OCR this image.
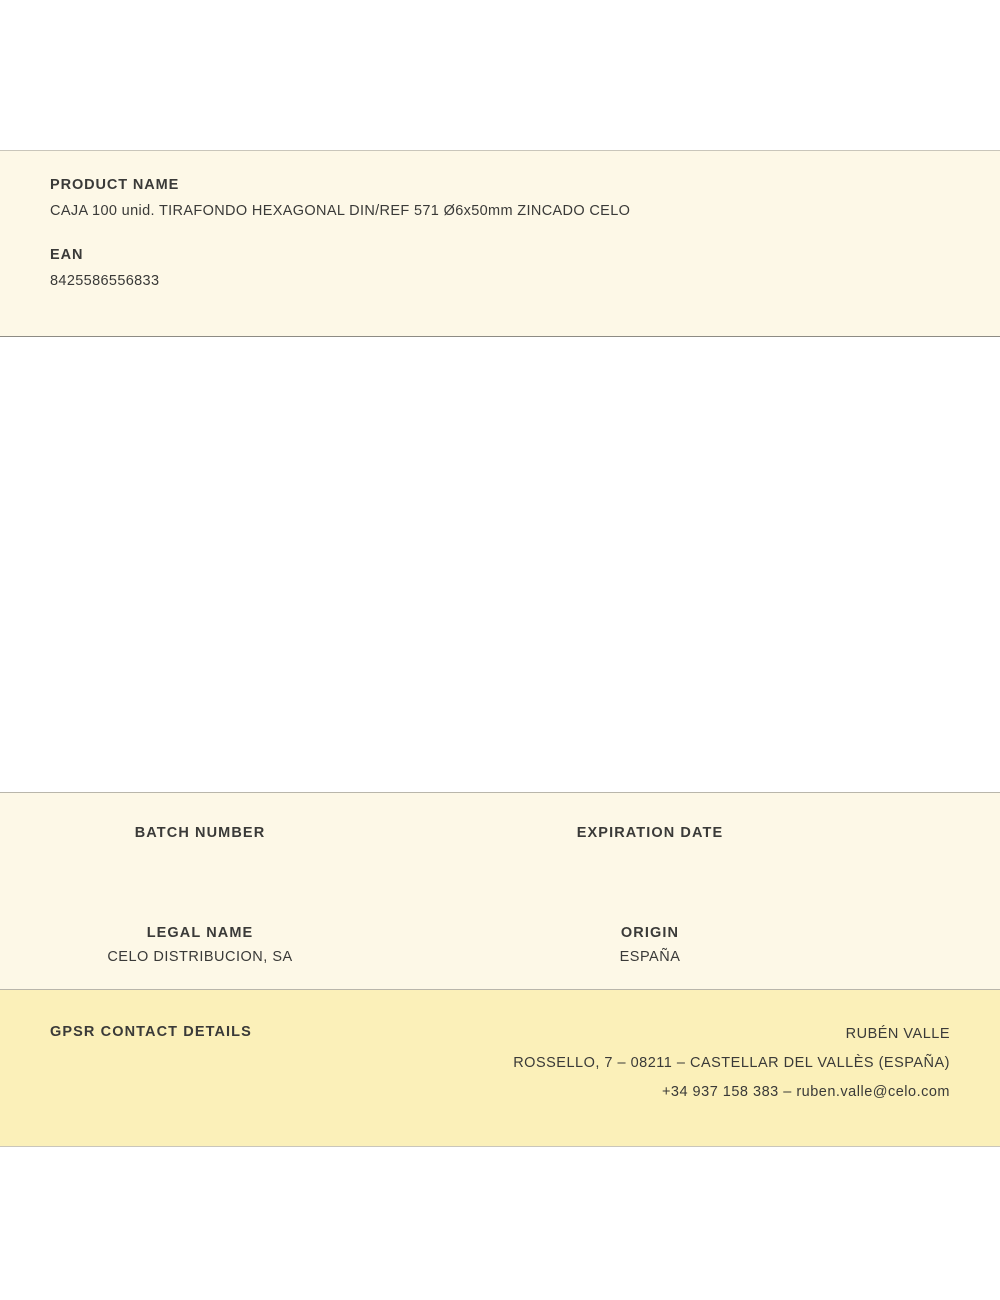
PRODUCT NAME

CAJA 100 unid. TIRAFONDO HEXAGONAL DIN/REF 571 Ø6x50mm ZINCADO CELO

EAN

8425586556833

BATCH NUMBER	EXPIRATION DATE

LEGAL NAME

CELO DISTRIBUCION, SA

ORIGIN

ESPAÑA

GPSR CONTACT DETAILS	RUBÉN VALLE
ROSSELLO, 7 – 08211 – CASTELLAR DEL VALLÈS (ESPAÑA)
+34 937 158 383 – ruben.valle@celo.com
